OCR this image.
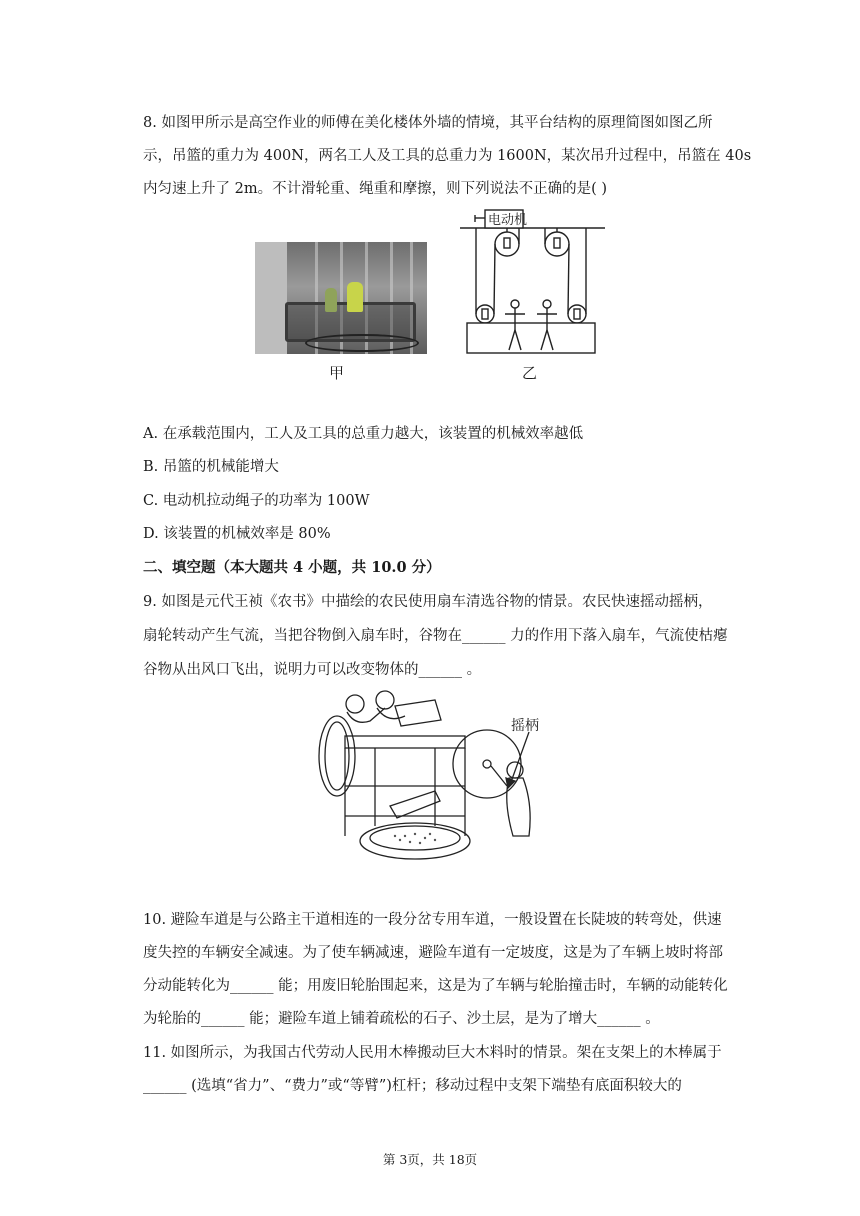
8. 如图甲所示是高空作业的师傅在美化楼体外墙的情境，其平台结构的原理简图如图乙所
示，吊篮的重力为 400N，两名工人及工具的总重力为 1600N，某次吊升过程中，吊篮在 40s
内匀速上升了 2m。不计滑轮重、绳重和摩擦，则下列说法不正确的是( )
甲
电动机
乙
A. 在承载范围内，工人及工具的总重力越大，该装置的机械效率越低
B. 吊篮的机械能增大
C. 电动机拉动绳子的功率为 100W
D. 该装置的机械效率是 80%
二、填空题（本大题共 4 小题，共 10.0 分）
9. 如图是元代王祯《农书》中描绘的农民使用扇车清选谷物的情景。农民快速摇动摇柄，
扇轮转动产生气流，当把谷物倒入扇车时，谷物在______ 力的作用下落入扇车，气流使枯瘪
谷物从出风口飞出，说明力可以改变物体的______ 。
摇柄
10. 避险车道是与公路主干道相连的一段分岔专用车道，一般设置在长陡坡的转弯处，供速
度失控的车辆安全减速。为了使车辆减速，避险车道有一定坡度，这是为了车辆上坡时将部
分动能转化为______ 能；用废旧轮胎围起来，这是为了车辆与轮胎撞击时，车辆的动能转化
为轮胎的______ 能；避险车道上铺着疏松的石子、沙土层，是为了增大______ 。
11. 如图所示，为我国古代劳动人民用木棒搬动巨大木料时的情景。架在支架上的木棒属于
______ (选填“省力”、“费力”或“等臂”)杠杆；移动过程中支架下端垫有底面积较大的
第 3页，共 18页
